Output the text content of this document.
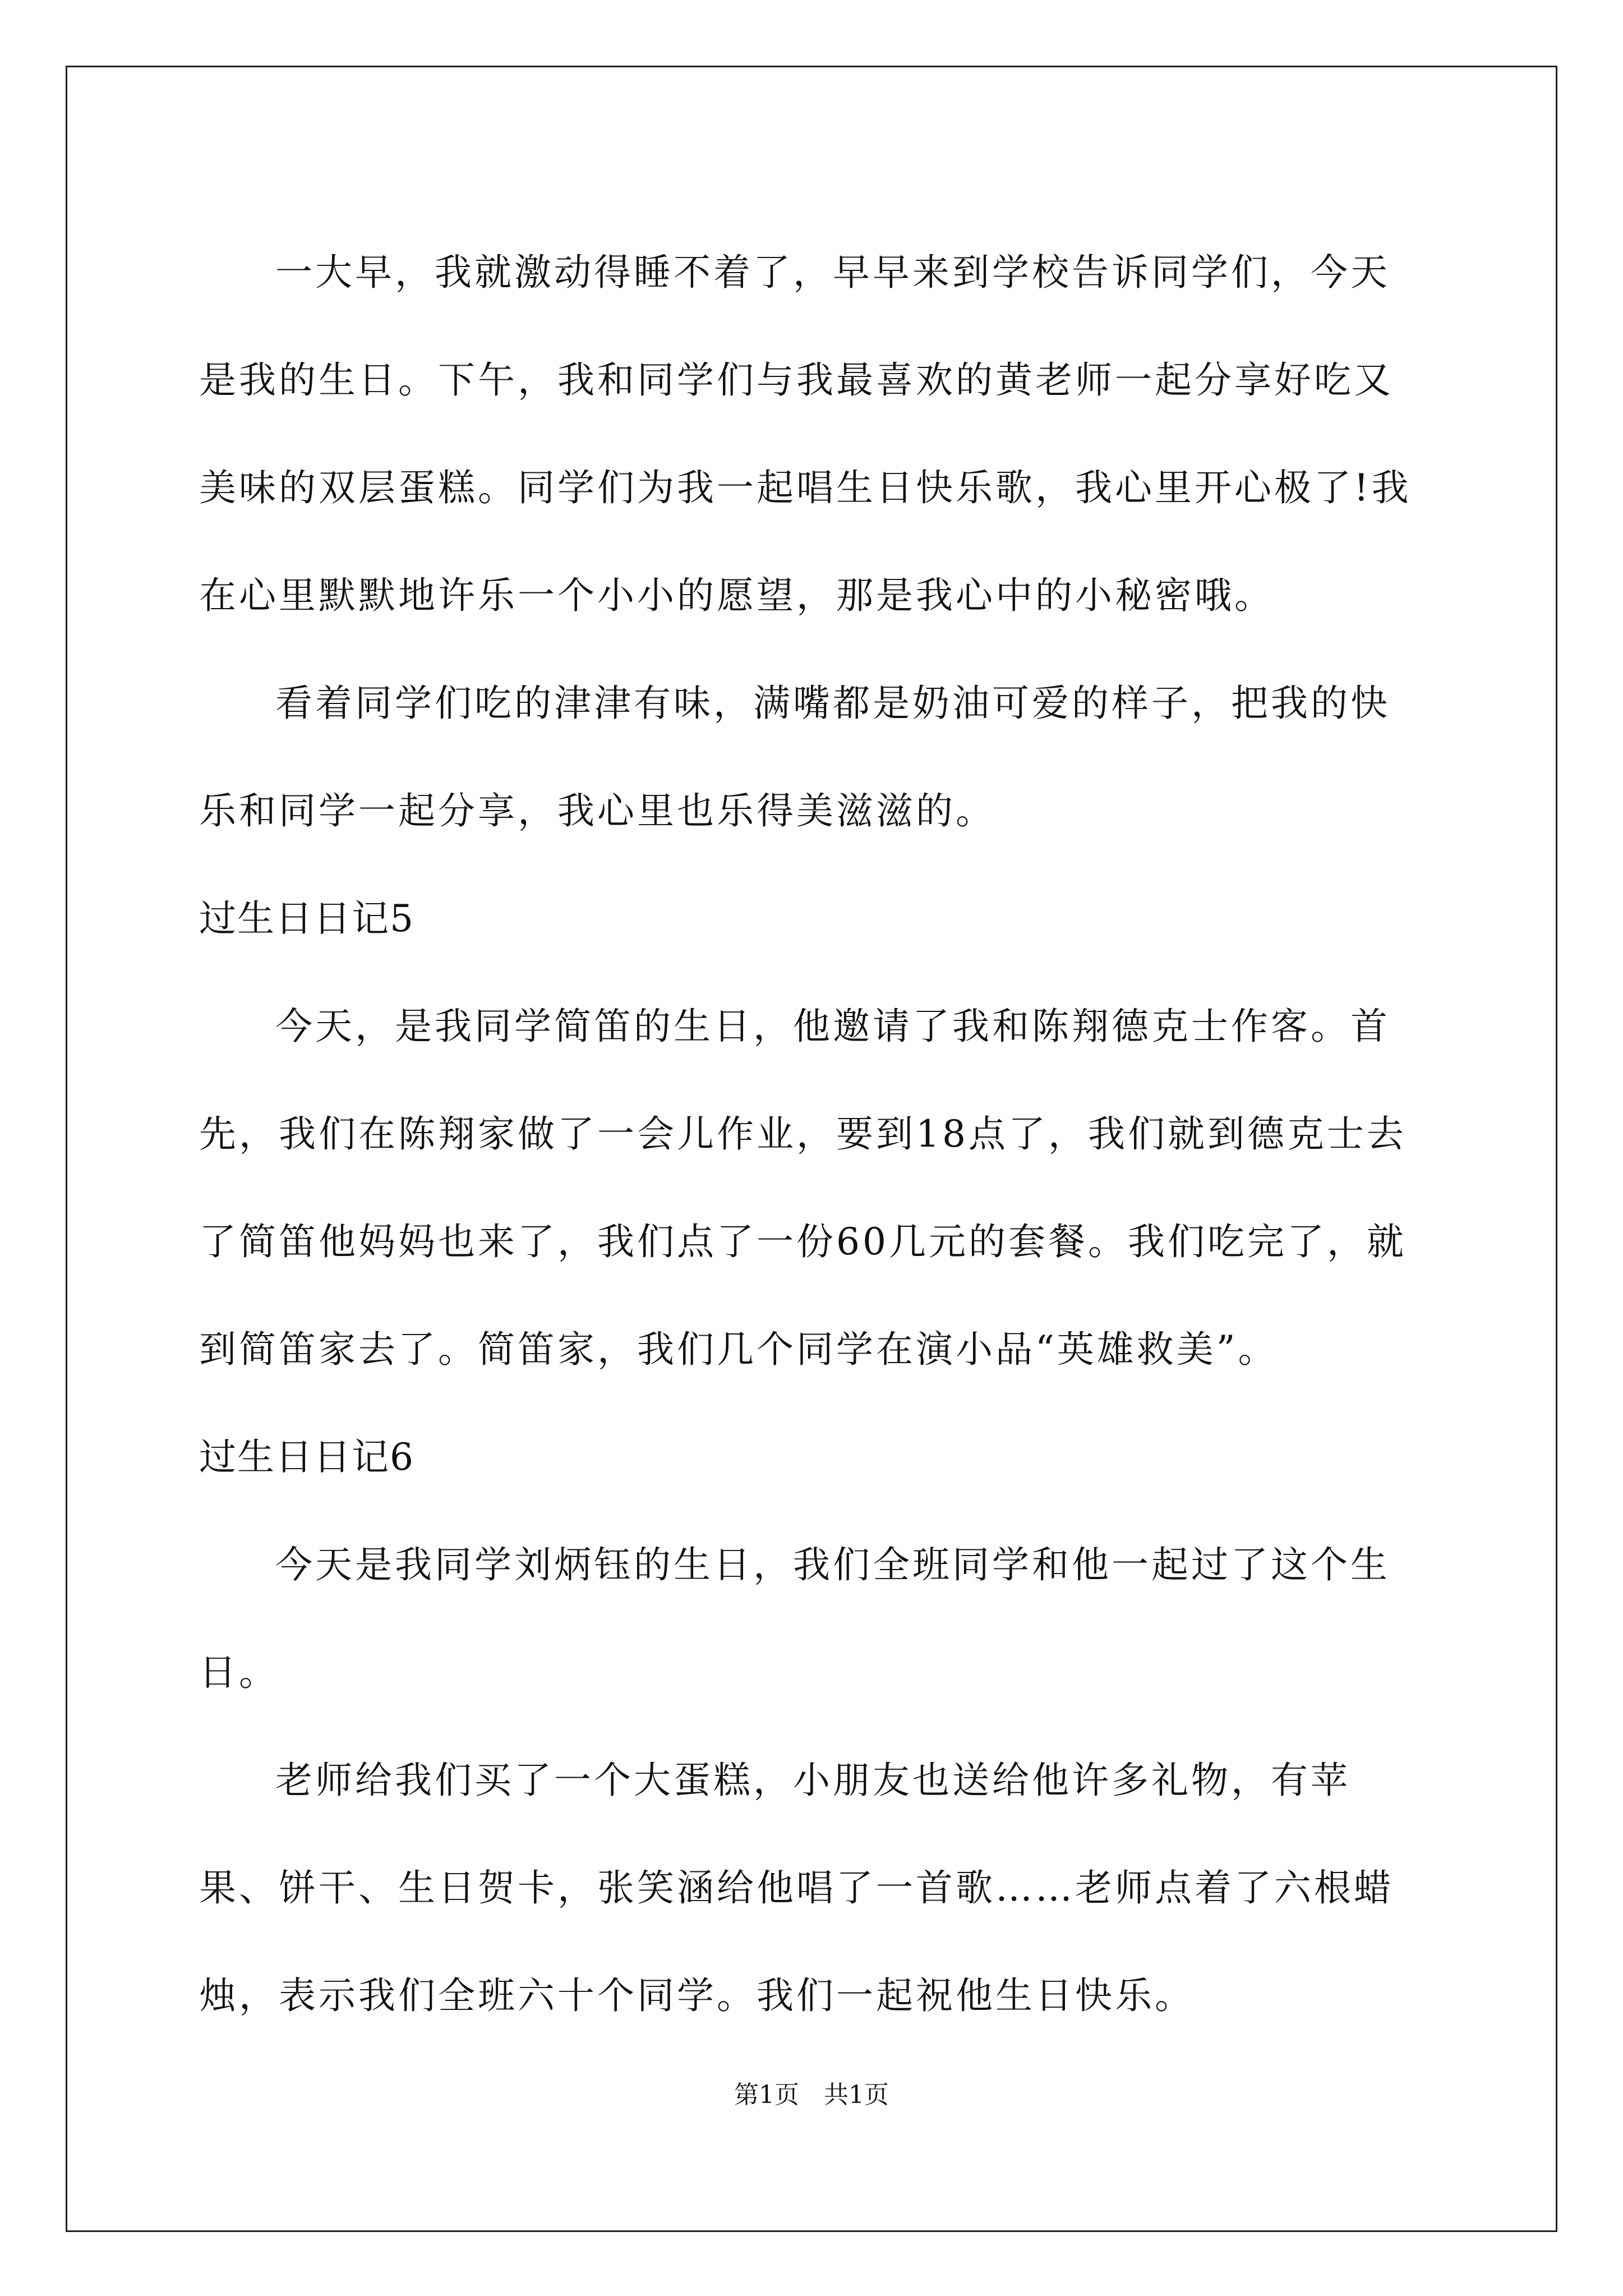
一大早，我就激动得睡不着了，早早来到学校告诉同学们，今天是我的生日。下午，我和同学们与我最喜欢的黄老师一起分享好吃又美味的双层蛋糕。同学们为我一起唱生日快乐歌，我心里开心极了!我在心里默默地许乐一个小小的愿望，那是我心中的小秘密哦。

看着同学们吃的津津有味，满嘴都是奶油可爱的样子，把我的快乐和同学一起分享，我心里也乐得美滋滋的。

过生日日记5

今天，是我同学简笛的生日，他邀请了我和陈翔德克士作客。首先，我们在陈翔家做了一会儿作业，要到18点了，我们就到德克士去了简笛他妈妈也来了，我们点了一份60几元的套餐。我们吃完了，就到简笛家去了。简笛家，我们几个同学在演小品“英雄救美”。

过生日日记6

今天是我同学刘炳钰的生日，我们全班同学和他一起过了这个生日。

老师给我们买了一个大蛋糕，小朋友也送给他许多礼物，有苹果、饼干、生日贺卡，张笑涵给他唱了一首歌……老师点着了六根蜡烛，表示我们全班六十个同学。我们一起祝他生日快乐。

第1页　共1页
